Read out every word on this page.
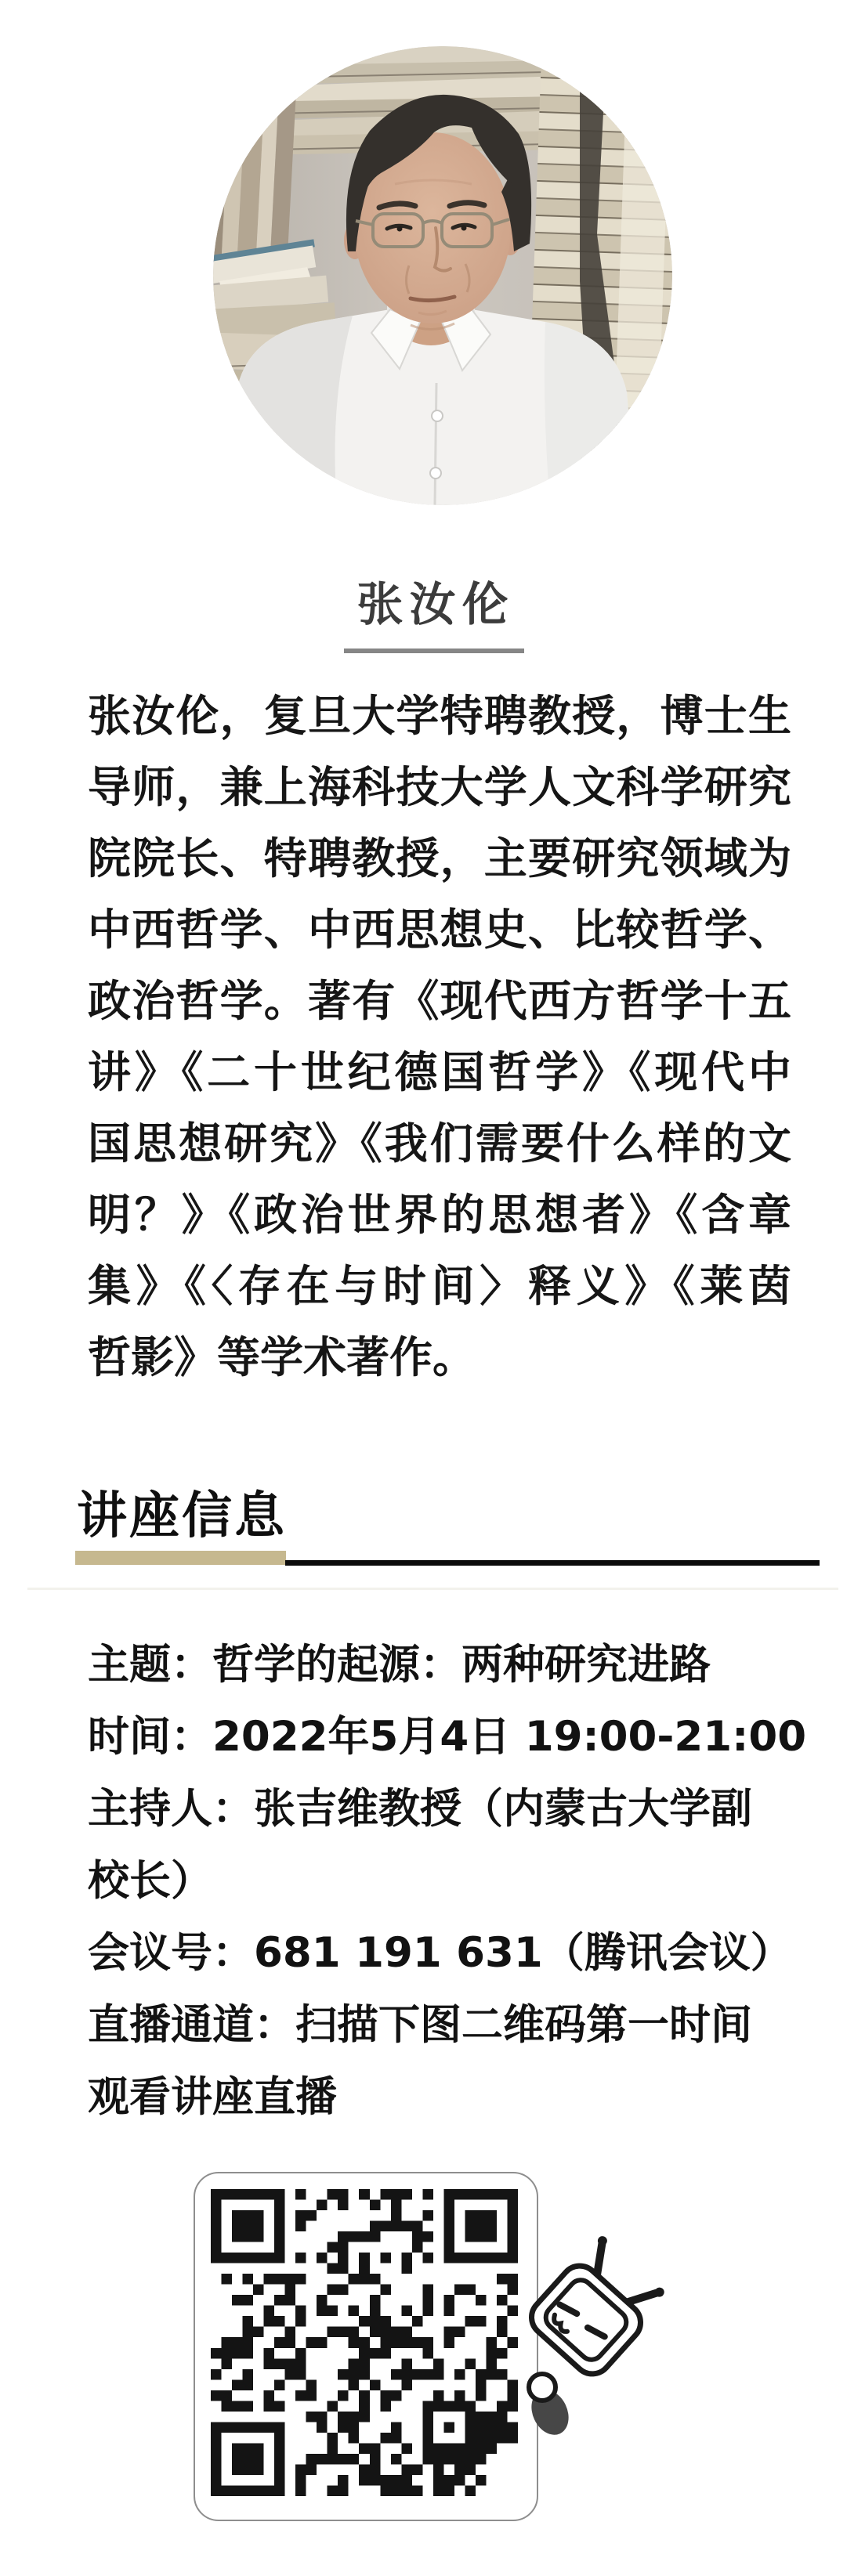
张汝伦
张汝伦，复旦大学特聘教授，博士生
导师，兼上海科技大学人文科学研究
院院长、特聘教授，主要研究领域为
中西哲学、中西思想史、比较哲学、
政治哲学。著有《现代西方哲学十五
讲》《二十世纪德国哲学》《现代中
国思想研究》《我们需要什么样的文
明？》《政治世界的思想者》《含章
集》《〈存在与时间〉释义》《莱茵
哲影》等学术著作。
讲座信息
主题：哲学的起源：两种研究进路
时间：2022年5月4日 19:00-21:00
主持人：张吉维教授（内蒙古大学副
校长）
会议号：681 191 631（腾讯会议）
直播通道：扫描下图二维码第一时间
观看讲座直播
